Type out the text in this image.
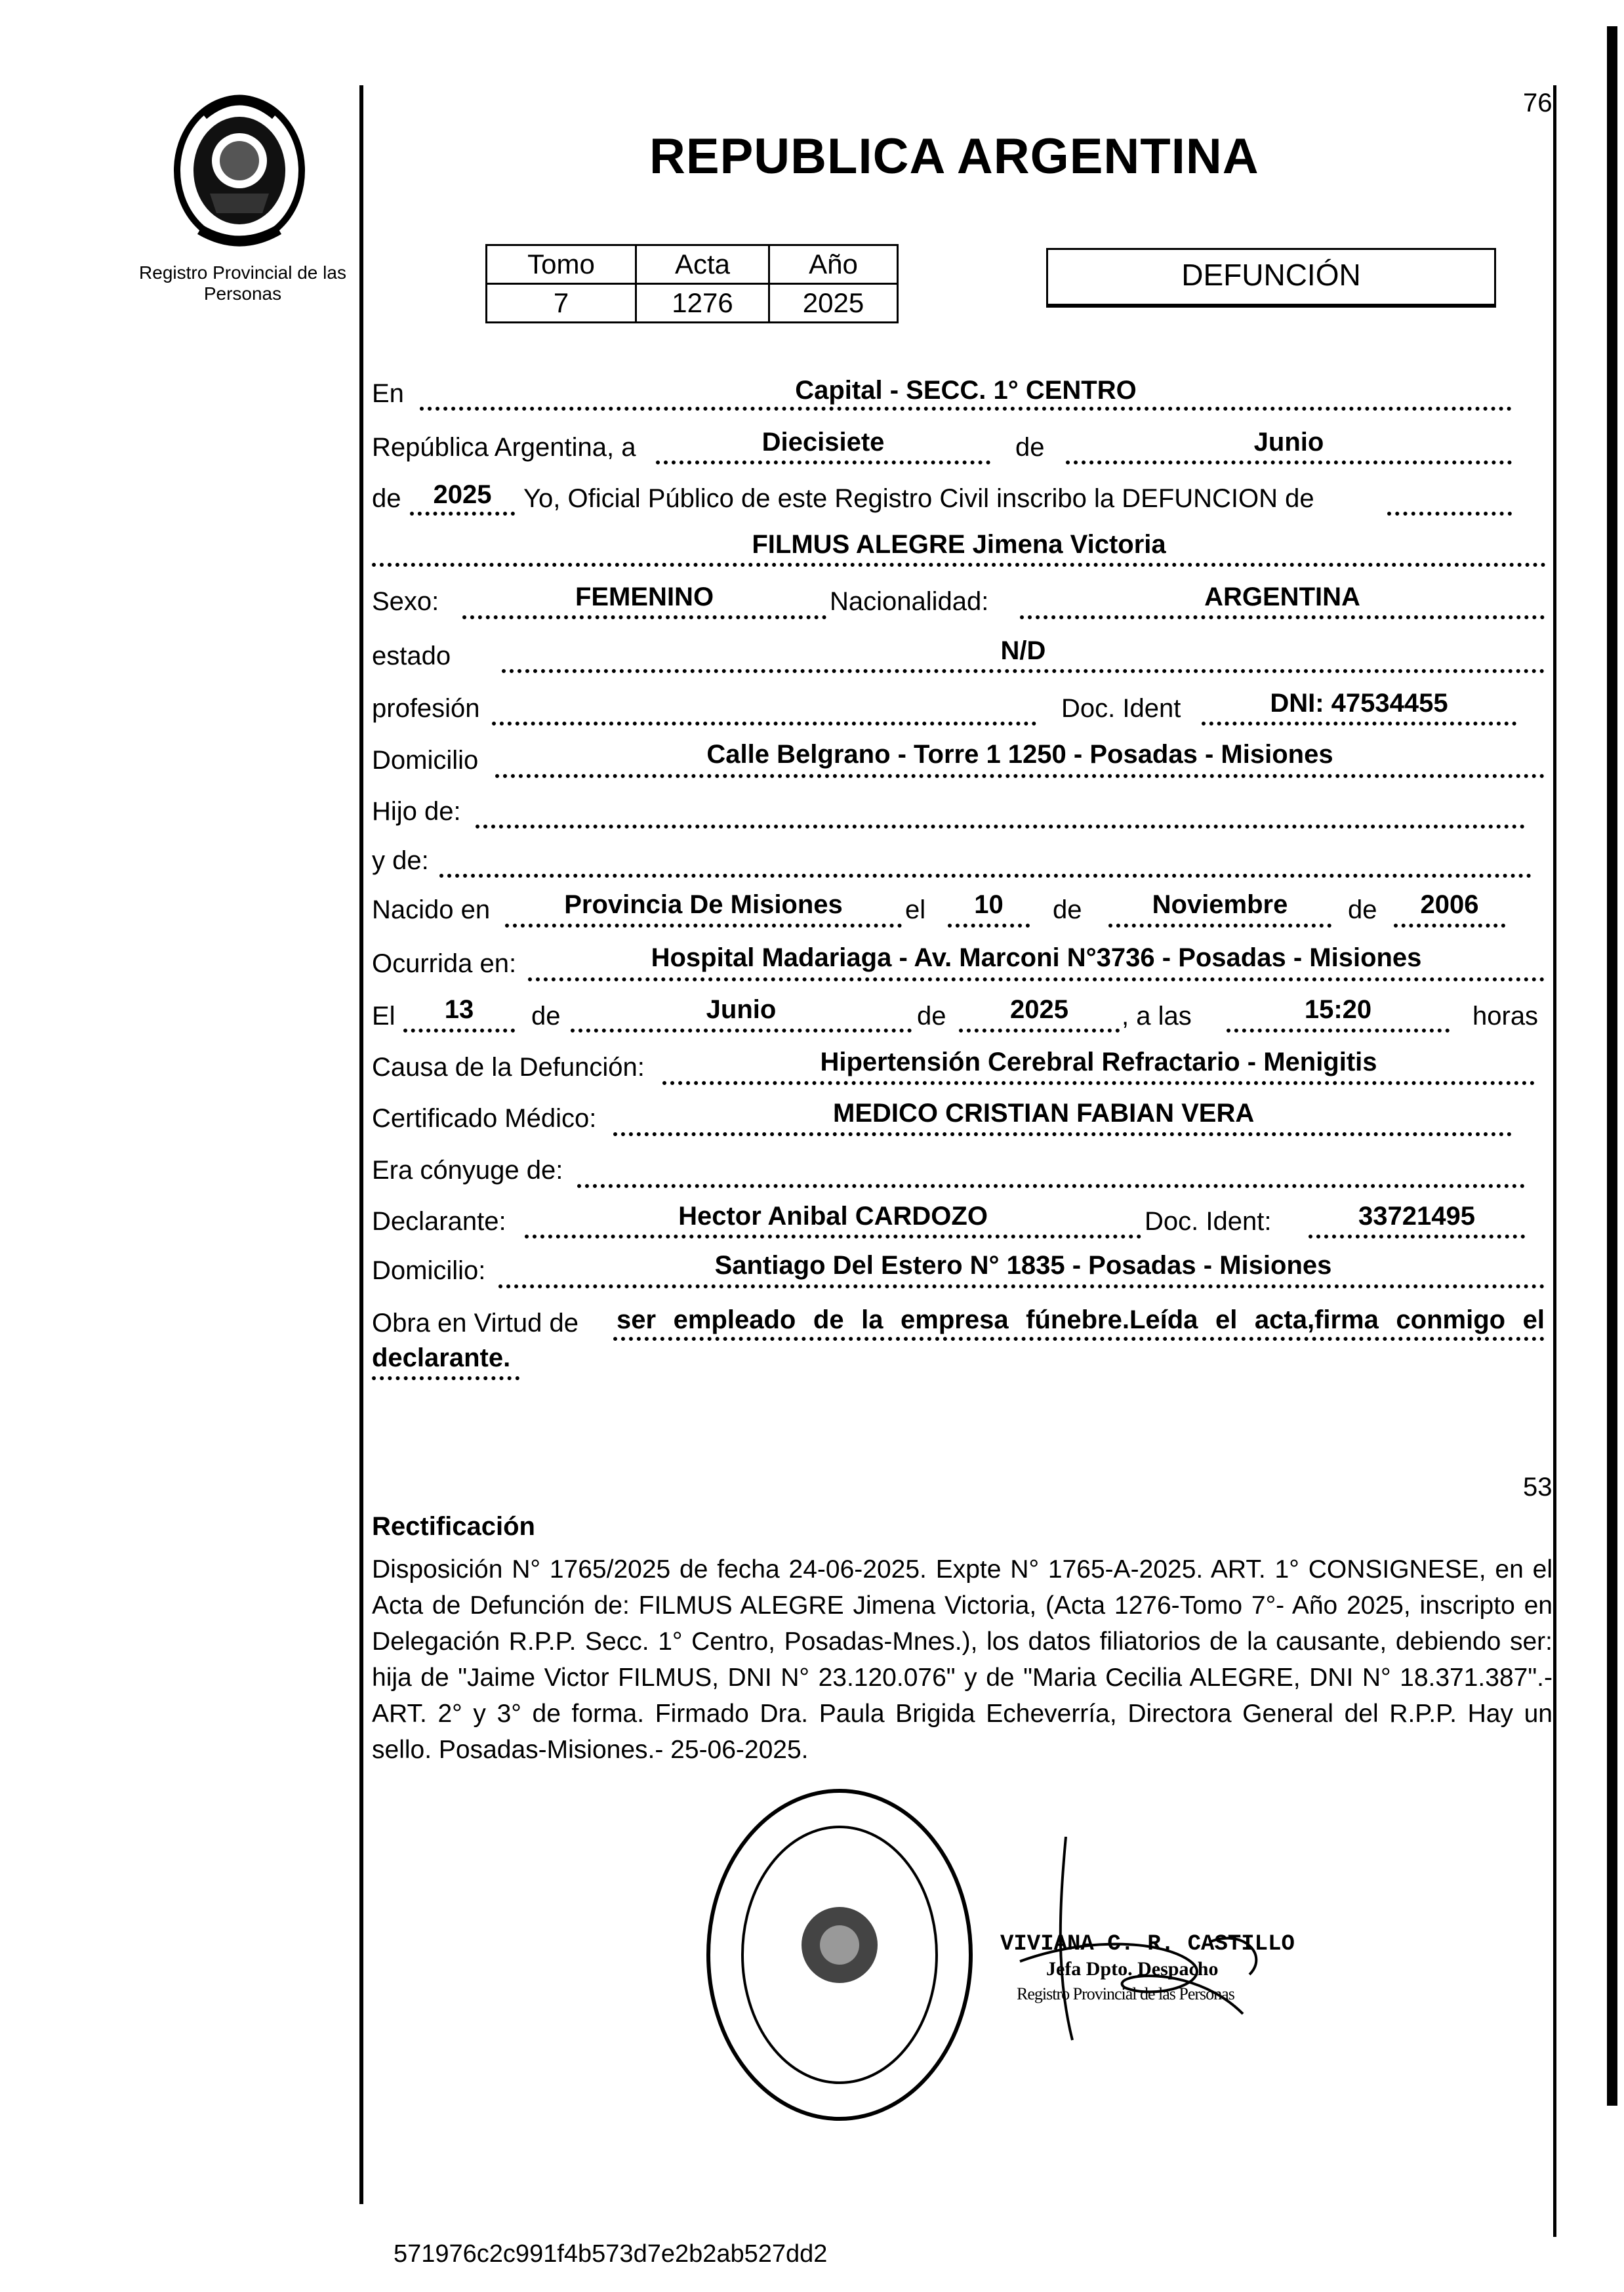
Registro Provincial de las Personas
76
REPUBLICA ARGENTINA
Tomo	Acta	Año
7	1276	2025
DEFUNCIÓN
En	Capital - SECC. 1° CENTRO
República Argentina, a	Diecisiete	de	Junio
de	2025	Yo, Oficial Público de este Registro Civil inscribo la DEFUNCION de
FILMUS ALEGRE Jimena Victoria
Sexo:	FEMENINO	Nacionalidad:	ARGENTINA
estado	N/D
profesión	Doc. Ident	DNI: 47534455
Domicilio	Calle Belgrano - Torre 1 1250 - Posadas - Misiones
Hijo de:
y de:
Nacido en	Provincia De Misiones	el	10	de	Noviembre	de	2006
Ocurrida en:	Hospital Madariaga - Av. Marconi N°3736 - Posadas - Misiones
El	13	de	Junio	de	2025	, a las	15:20	horas
Causa de la Defunción:	Hipertensión Cerebral Refractario - Menigitis
Certificado Médico:	MEDICO CRISTIAN FABIAN VERA
Era cónyuge de:
Declarante:	Hector Anibal CARDOZO	Doc. Ident:	33721495
Domicilio:	Santiago Del Estero N° 1835 - Posadas - Misiones
Obra en Virtud de ser empleado de la empresa fúnebre.Leída el acta,firma conmigo el
declarante.
53
Rectificación
Disposición N° 1765/2025 de fecha 24-06-2025. Expte N° 1765-A-2025. ART. 1° CONSIGNESE, en el Acta de Defunción de: FILMUS ALEGRE Jimena Victoria, (Acta 1276-Tomo 7°- Año 2025, inscripto en Delegación R.P.P. Secc. 1° Centro, Posadas-Mnes.), los datos filiatorios de la causante, debiendo ser: hija de "Jaime Victor FILMUS, DNI N° 23.120.076" y de "Maria Cecilia ALEGRE, DNI N° 18.371.387".- ART. 2° y 3° de forma. Firmado Dra. Paula Brigida Echeverría, Directora General del R.P.P. Hay un sello. Posadas-Misiones.- 25-06-2025.
VIVIANA C. R. CASTILLO
Jefa Dpto. Despacho
Registro Provincial de las Personas
571976c2c991f4b573d7e2b2ab527dd2
